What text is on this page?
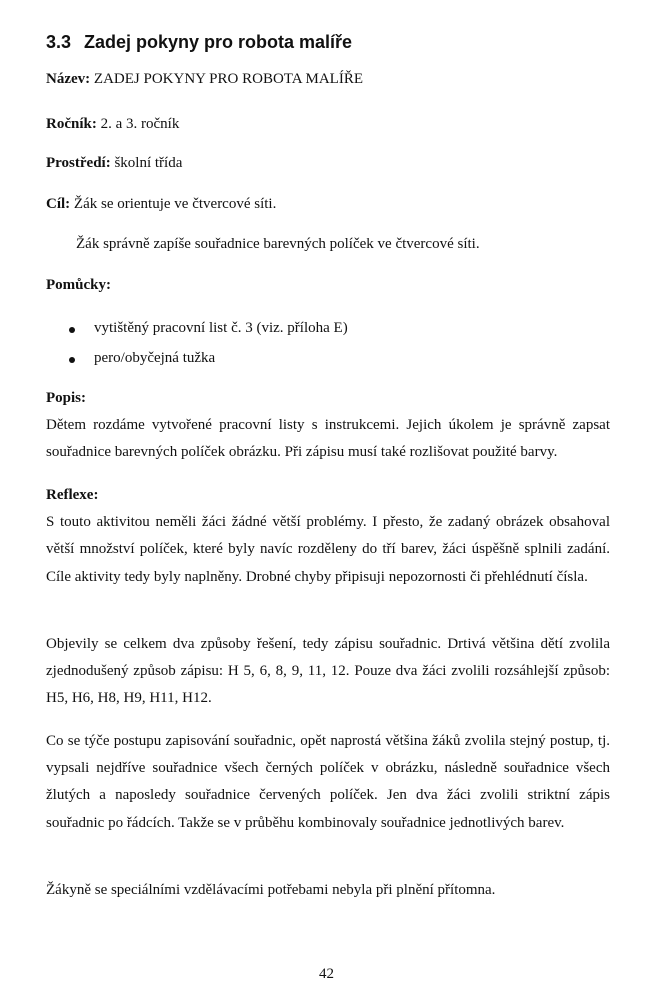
3.3 Zadej pokyny pro robota malíře
Název: ZADEJ POKYNY PRO ROBOTA MALÍŘE
Ročník: 2. a 3. ročník
Prostředí: školní třída
Cíl: Žák se orientuje ve čtvercové síti.
Žák správně zapíše souřadnice barevných políček ve čtvercové síti.
Pomůcky:
vytištěný pracovní list č. 3 (viz. příloha E)
pero/obyčejná tužka
Popis:
Dětem rozdáme vytvořené pracovní listy s instrukcemi. Jejich úkolem je správně zapsat souřadnice barevných políček obrázku. Při zápisu musí také rozlišovat použité barvy.
Reflexe:
S touto aktivitou neměli žáci žádné větší problémy. I přesto, že zadaný obrázek obsahoval větší množství políček, které byly navíc rozděleny do tří barev, žáci úspěšně splnili zadání. Cíle aktivity tedy byly naplněny. Drobné chyby připisuji nepozornosti či přehlédnutí čísla.
Objevily se celkem dva způsoby řešení, tedy zápisu souřadnic. Drtivá většina dětí zvolila zjednodušený způsob zápisu: H 5, 6, 8, 9, 11, 12. Pouze dva žáci zvolili rozsáhlejší způsob: H5, H6, H8, H9, H11, H12.
Co se týče postupu zapisování souřadnic, opět naprostá většina žáků zvolila stejný postup, tj. vypsali nejdříve souřadnice všech černých políček v obrázku, následně souřadnice všech žlutých a naposledy souřadnice červených políček. Jen dva žáci zvolili striktní zápis souřadnic po řádcích. Takže se v průběhu kombinovaly souřadnice jednotlivých barev.
Žákyně se speciálními vzdělávacími potřebami nebyla při plnění přítomna.
42
